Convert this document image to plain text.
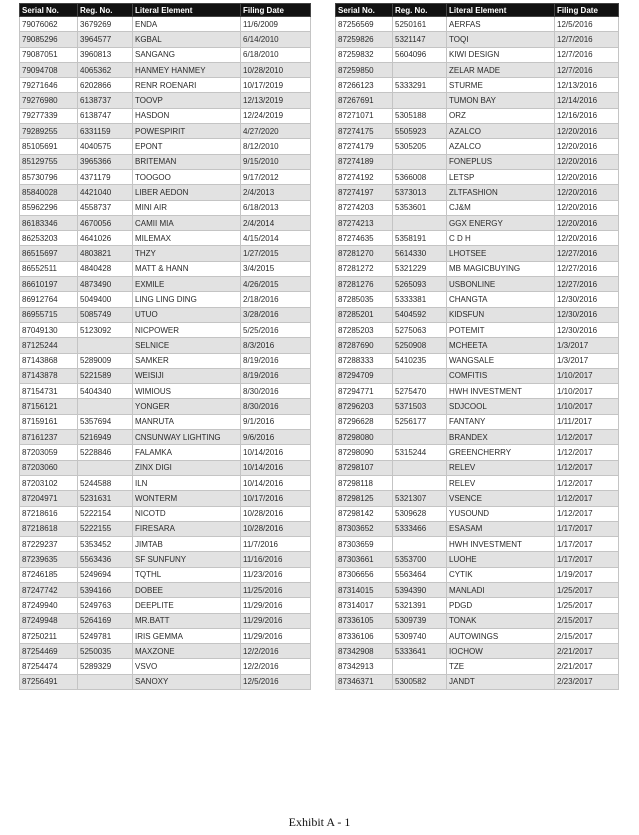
Serial No.	Reg. No.	Literal Element	Filing Date
79076062	3679269	ENDA	11/6/2009
79085296	3964577	KGBAL	6/14/2010
79087051	3960813	SANGANG	6/18/2010
79094708	4065362	HANMEY HANMEY	10/28/2010
79271646	6202866	RENR ROENARI	10/17/2019
79276980	6138737	TOOVP	12/13/2019
79277339	6138747	HASDON	12/24/2019
79289255	6331159	POWESPIRIT	4/27/2020
85105691	4040575	EPONT	8/12/2010
85129755	3965366	BRITEMAN	9/15/2010
85730796	4371179	TOOGOO	9/17/2012
85840028	4421040	LIBER AEDON	2/4/2013
85962296	4558737	MINI AIR	6/18/2013
86183346	4670056	CAMII MIA	2/4/2014
86253203	4641026	MILEMAX	4/15/2014
86515697	4803821	THZY	1/27/2015
86552511	4840428	MATT & HANN	3/4/2015
86610197	4873490	EXMILE	4/26/2015
86912764	5049400	LING LING DING	2/18/2016
86955715	5085749	UTUO	3/28/2016
87049130	5123092	NICPOWER	5/25/2016
87125244		SELNICE	8/3/2016
87143868	5289009	SAMKER	8/19/2016
87143878	5221589	WEISIJI	8/19/2016
87154731	5404340	WIMIOUS	8/30/2016
87156121		YONGER	8/30/2016
87159161	5357694	MANRUTA	9/1/2016
87161237	5216949	CNSUNWAY LIGHTING	9/6/2016
87203059	5228846	FALAMKA	10/14/2016
87203060		ZINX DIGI	10/14/2016
87203102	5244588	ILN	10/14/2016
87204971	5231631	WONTERM	10/17/2016
87218616	5222154	NICOTD	10/28/2016
87218618	5222155	FIRESARA	10/28/2016
87229237	5353452	JIMTAB	11/7/2016
87239635	5563436	SF SUNFUNY	11/16/2016
87246185	5249694	TQTHL	11/23/2016
87247742	5394166	DOBEE	11/25/2016
87249940	5249763	DEEPLITE	11/29/2016
87249948	5264169	MR.BATT	11/29/2016
87250211	5249781	IRIS GEMMA	11/29/2016
87254469	5250035	MAXZONE	12/2/2016
87254474	5289329	VSVO	12/2/2016
87256491		SANOXY	12/5/2016
Serial No.	Reg. No.	Literal Element	Filing Date
87256569	5250161	AERFAS	12/5/2016
87259826	5321147	TOQI	12/7/2016
87259832	5604096	KIWI DESIGN	12/7/2016
87259850		ZELAR MADE	12/7/2016
87266123	5333291	STURME	12/13/2016
87267691		TUMON BAY	12/14/2016
87271071	5305188	ORZ	12/16/2016
87274175	5505923	AZALCO	12/20/2016
87274179	5305205	AZALCO	12/20/2016
87274189		FONEPLUS	12/20/2016
87274192	5366008	LETSP	12/20/2016
87274197	5373013	ZLTFASHION	12/20/2016
87274203	5353601	CJ&M	12/20/2016
87274213		GGX ENERGY	12/20/2016
87274635	5358191	C D H	12/20/2016
87281270	5614330	LHOTSEE	12/27/2016
87281272	5321229	MB MAGICBUYING	12/27/2016
87281276	5265093	USBONLINE	12/27/2016
87285035	5333381	CHANGTA	12/30/2016
87285201	5404592	KIDSFUN	12/30/2016
87285203	5275063	POTEMIT	12/30/2016
87287690	5250908	MCHEETA	1/3/2017
87288333	5410235	WANGSALE	1/3/2017
87294709		COMFITIS	1/10/2017
87294771	5275470	HWH INVESTMENT	1/10/2017
87296203	5371503	SDJCOOL	1/10/2017
87296628	5256177	FANTANY	1/11/2017
87298080		BRANDEX	1/12/2017
87298090	5315244	GREENCHERRY	1/12/2017
87298107		RELEV	1/12/2017
87298118		RELEV	1/12/2017
87298125	5321307	VSENCE	1/12/2017
87298142	5309628	YUSOUND	1/12/2017
87303652	5333466	ESASAM	1/17/2017
87303659		HWH INVESTMENT	1/17/2017
87303661	5353700	LUOHE	1/17/2017
87306656	5563464	CYTIK	1/19/2017
87314015	5394390	MANLADI	1/25/2017
87314017	5321391	PDGD	1/25/2017
87336105	5309739	TONAK	2/15/2017
87336106	5309740	AUTOWINGS	2/15/2017
87342908	5333641	IOCHOW	2/21/2017
87342913		TZE	2/21/2017
87346371	5300582	JANDT	2/23/2017
Exhibit A - 1
